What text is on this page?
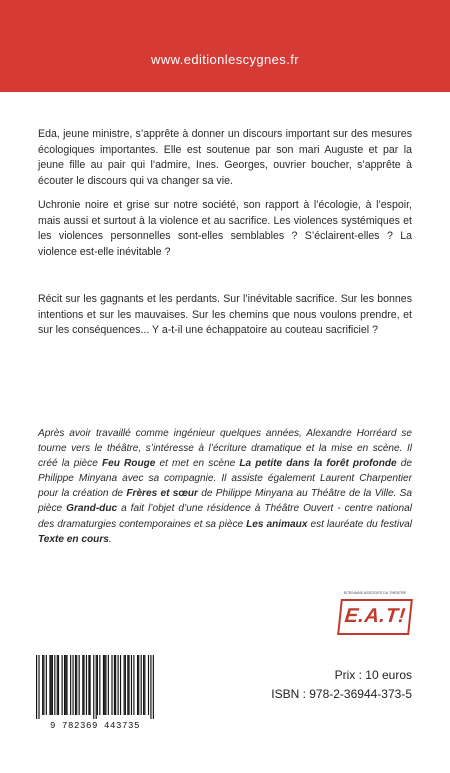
www.editionlescygnes.fr

Eda, jeune ministre, s’apprête à donner un discours important sur des mesures écologiques importantes. Elle est soutenue par son mari Auguste et par la jeune fille au pair qui l’admire, Ines. Georges, ouvrier boucher, s’apprête à écouter le discours qui va changer sa vie.

Uchronie noire et grise sur notre société, son rapport à l’écologie, à l’espoir, mais aussi et surtout à la violence et au sacrifice. Les violences systémiques et les violences personnelles sont-elles semblables ? S’éclairent-elles ? La violence est-elle inévitable ?

Récit sur les gagnants et les perdants. Sur l’inévitable sacrifice. Sur les bonnes intentions et sur les mauvaises. Sur les chemins que nous voulons prendre, et sur les conséquences... Y a-t-il une échappatoire au couteau sacrificiel ?

Après avoir travaillé comme ingénieur quelques années, Alexandre Horréard se tourne vers le théâtre, s’intéresse à l’écriture dramatique et la mise en scène. Il créé la pièce Feu Rouge et met en scène La petite dans la forêt profonde de Philippe Minyana avec sa compagnie. Il assiste également Laurent Charpentier pour la création de Frères et sœur de Philippe Minyana au Théâtre de la Ville. Sa pièce Grand-duc a fait l’objet d’une résidence à Théâtre Ouvert - centre national des dramaturgies contemporaines et sa pièce Les animaux est lauréate du festival Texte en cours.
ÉCRIVAINS ASSOCIÉS DU THÉÂTRE
E.A.T!
9 782369 443735
Prix : 10 euros
ISBN : 978-2-36944-373-5
